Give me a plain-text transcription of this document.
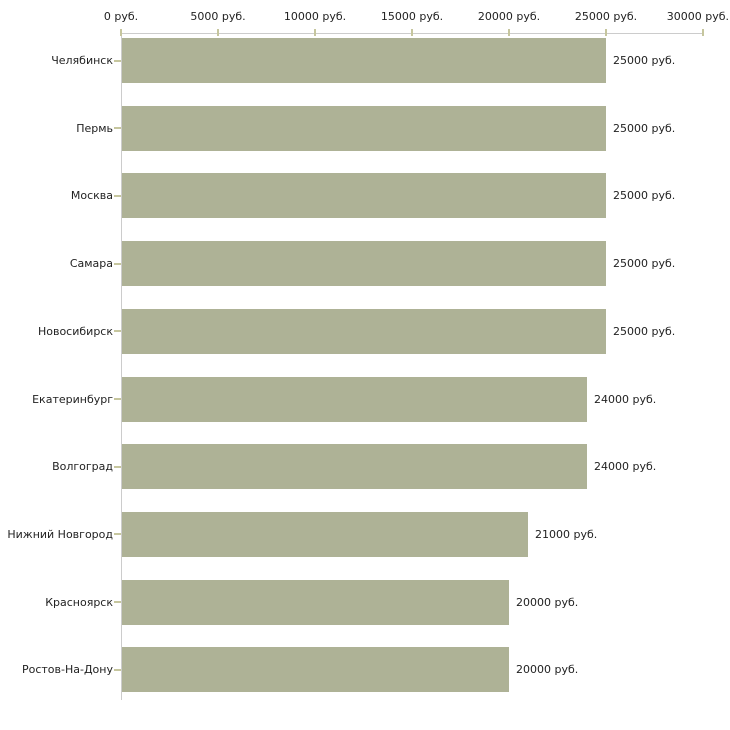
0 руб.	5000 руб.	10000 руб.	15000 руб.	20000 руб.	25000 руб.	30000 руб.
Челябинск	25000 руб.
Пермь	25000 руб.
Москва	25000 руб.
Самара	25000 руб.
Новосибирск	25000 руб.
Екатеринбург	24000 руб.
Волгоград	24000 руб.
Нижний Новгород	21000 руб.
Красноярск	20000 руб.
Ростов-На-Дону	20000 руб.
